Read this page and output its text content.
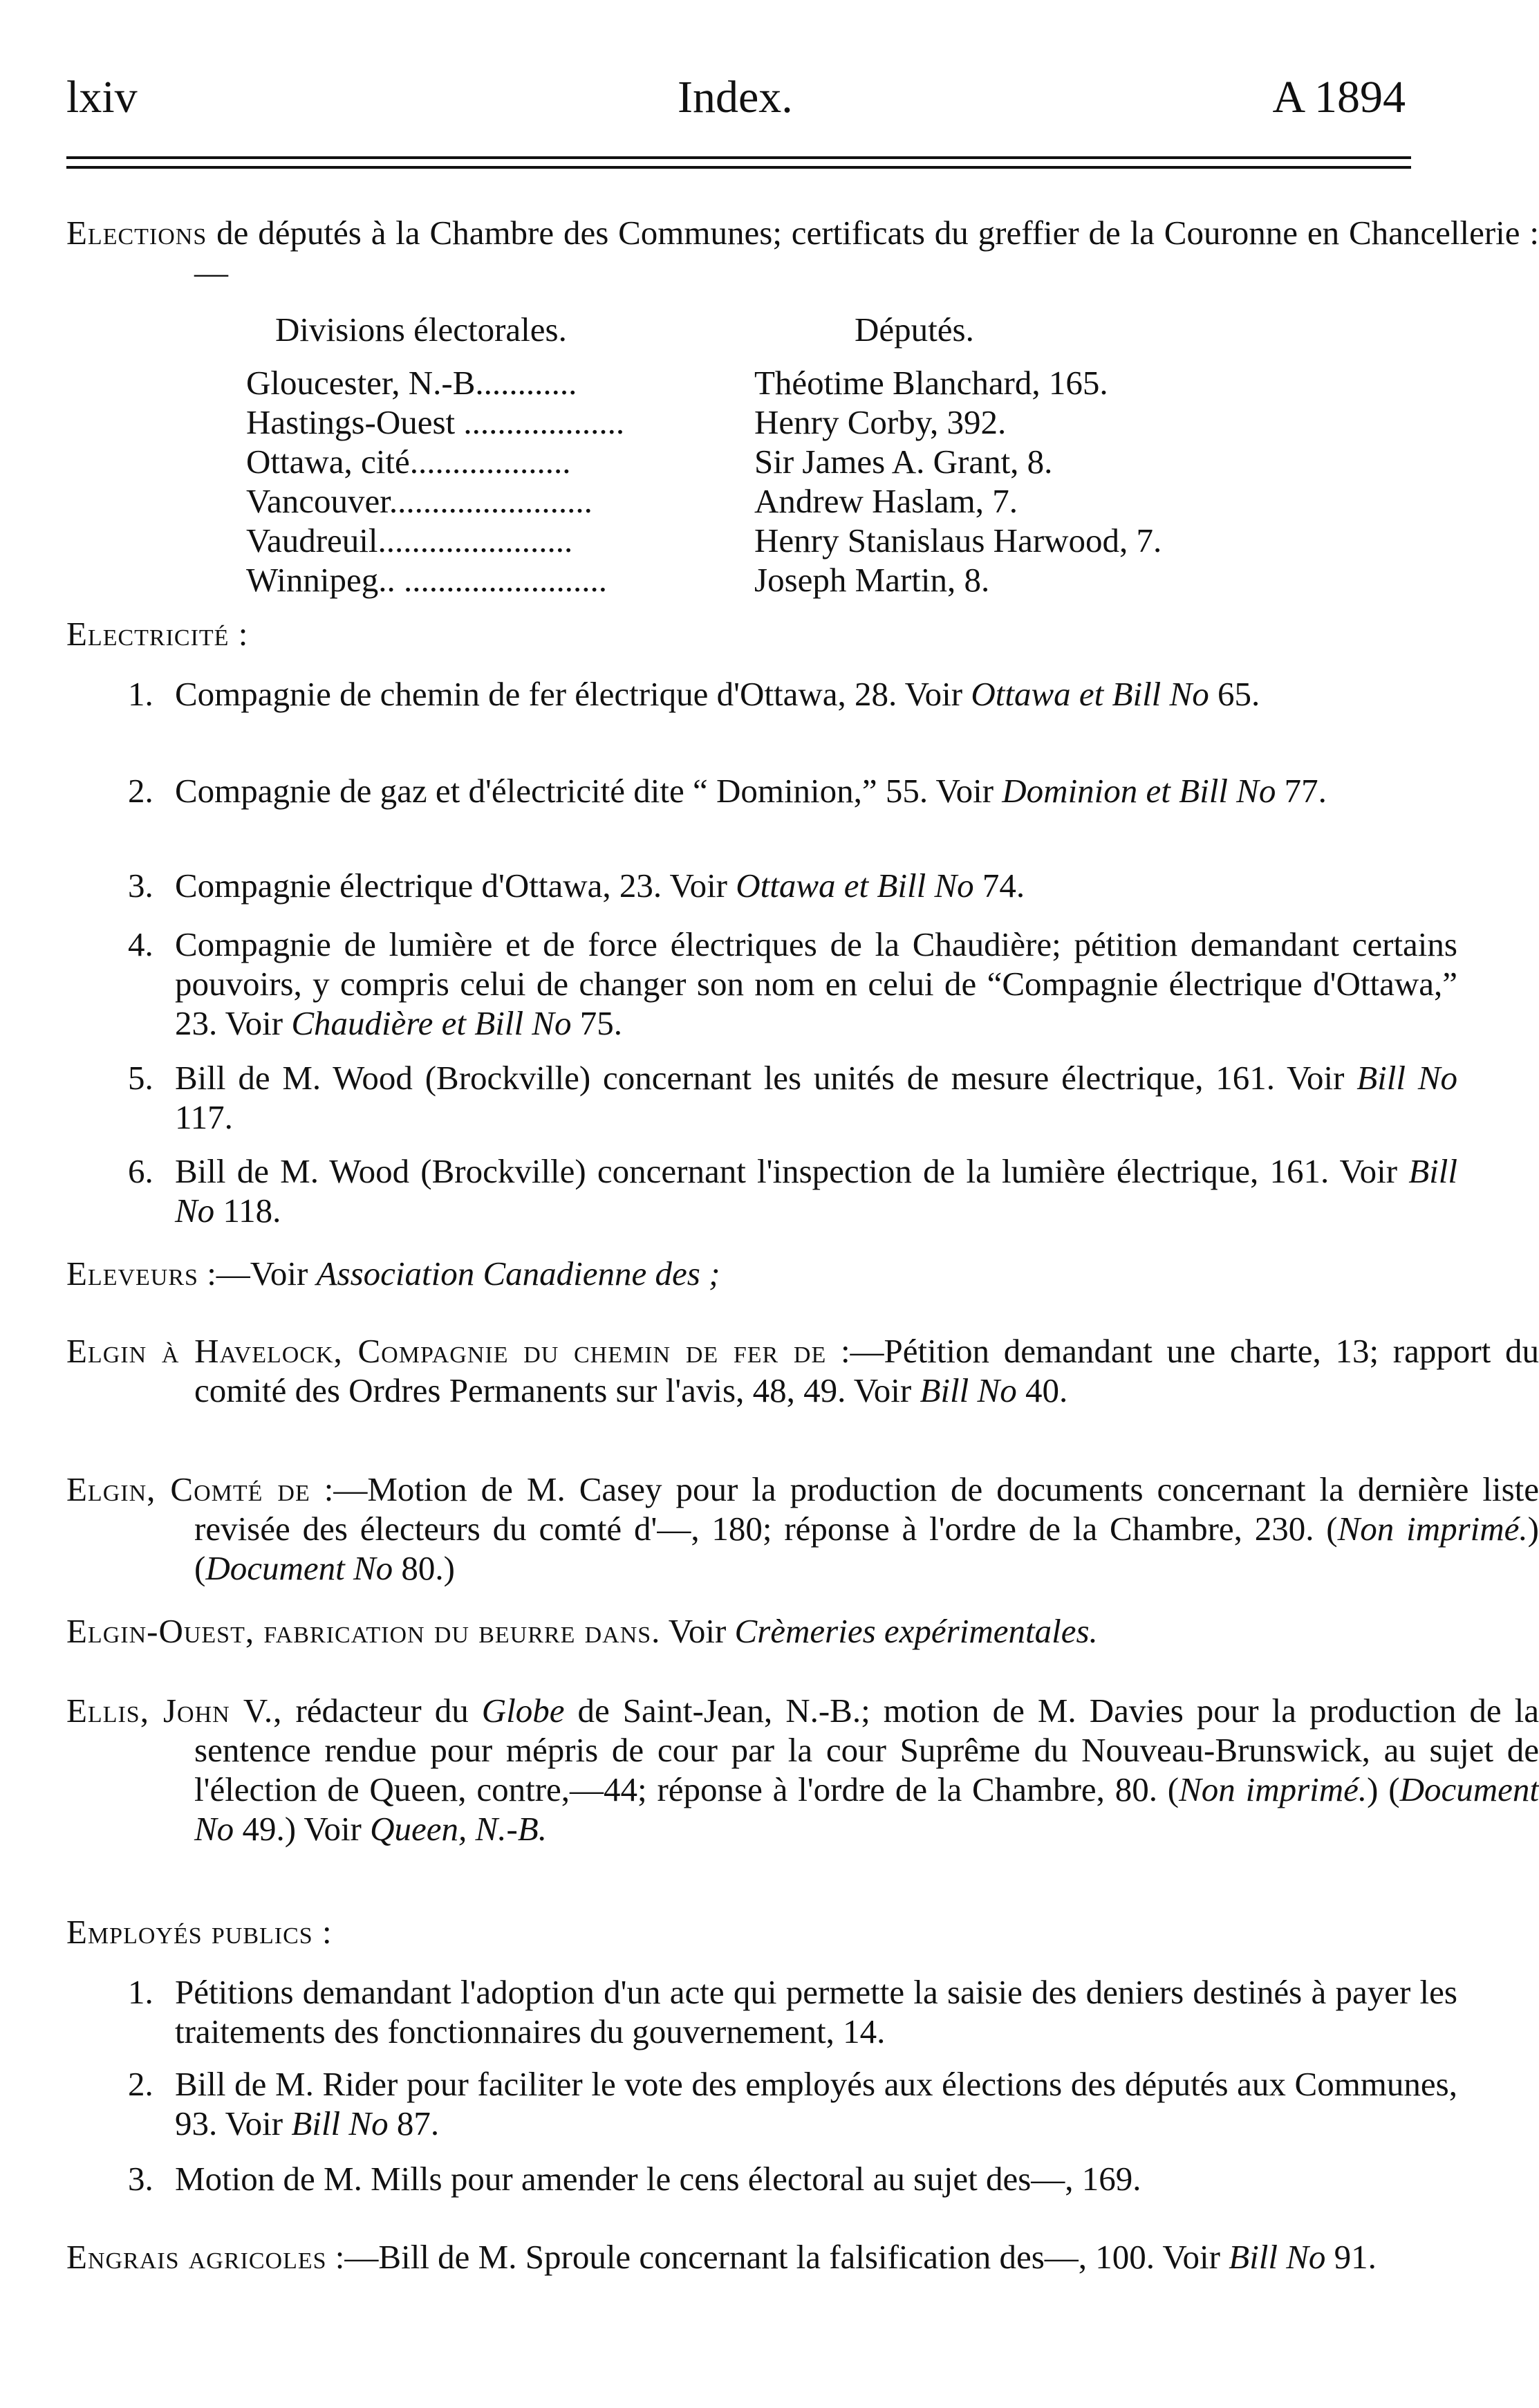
lxiv	Index.	A 1894
Elections de députés à la Chambre des Communes; certificats du greffier de la Couronne en Chancellerie :—
Divisions électorales.	Députés.
Gloucester, N.-B............	Théotime Blanchard, 165.
Hastings-Ouest ...................	Henry Corby, 392.
Ottawa, cité...................	Sir James A. Grant, 8.
Vancouver........................	Andrew Haslam, 7.
Vaudreuil.......................	Henry Stanislaus Harwood, 7.
Winnipeg.. ........................	Joseph Martin, 8.
Electricité :
1. Compagnie de chemin de fer électrique d'Ottawa, 28. Voir Ottawa et Bill No 65.
2. Compagnie de gaz et d'électricité dite “ Dominion,” 55. Voir Dominion et Bill No 77.
3. Compagnie électrique d'Ottawa, 23. Voir Ottawa et Bill No 74.
4. Compagnie de lumière et de force électriques de la Chaudière; pétition demandant certains pouvoirs, y compris celui de changer son nom en celui de “Compagnie électrique d'Ottawa,” 23. Voir Chaudière et Bill No 75.
5. Bill de M. Wood (Brockville) concernant les unités de mesure électrique, 161. Voir Bill No 117.
6. Bill de M. Wood (Brockville) concernant l'inspection de la lumière électrique, 161. Voir Bill No 118.
Eleveurs :—Voir Association Canadienne des ;
Elgin à Havelock, Compagnie du chemin de fer de :—Pétition demandant une charte, 13; rapport du comité des Ordres Permanents sur l'avis, 48, 49. Voir Bill No 40.
Elgin, Comté de :—Motion de M. Casey pour la production de documents concernant la dernière liste revisée des électeurs du comté d'—, 180; réponse à l'ordre de la Chambre, 230. (Non imprimé.) (Document No 80.)
Elgin-Ouest, fabrication du beurre dans. Voir Crèmeries expérimentales.
Ellis, John V., rédacteur du Globe de Saint-Jean, N.-B.; motion de M. Davies pour la production de la sentence rendue pour mépris de cour par la cour Suprême du Nouveau-Brunswick, au sujet de l'élection de Queen, contre,—44; réponse à l'ordre de la Chambre, 80. (Non imprimé.) (Document No 49.) Voir Queen, N.-B.
Employés publics :
1. Pétitions demandant l'adoption d'un acte qui permette la saisie des deniers destinés à payer les traitements des fonctionnaires du gouvernement, 14.
2. Bill de M. Rider pour faciliter le vote des employés aux élections des députés aux Communes, 93. Voir Bill No 87.
3. Motion de M. Mills pour amender le cens électoral au sujet des—, 169.
Engrais agricoles :—Bill de M. Sproule concernant la falsification des—, 100. Voir Bill No 91.
